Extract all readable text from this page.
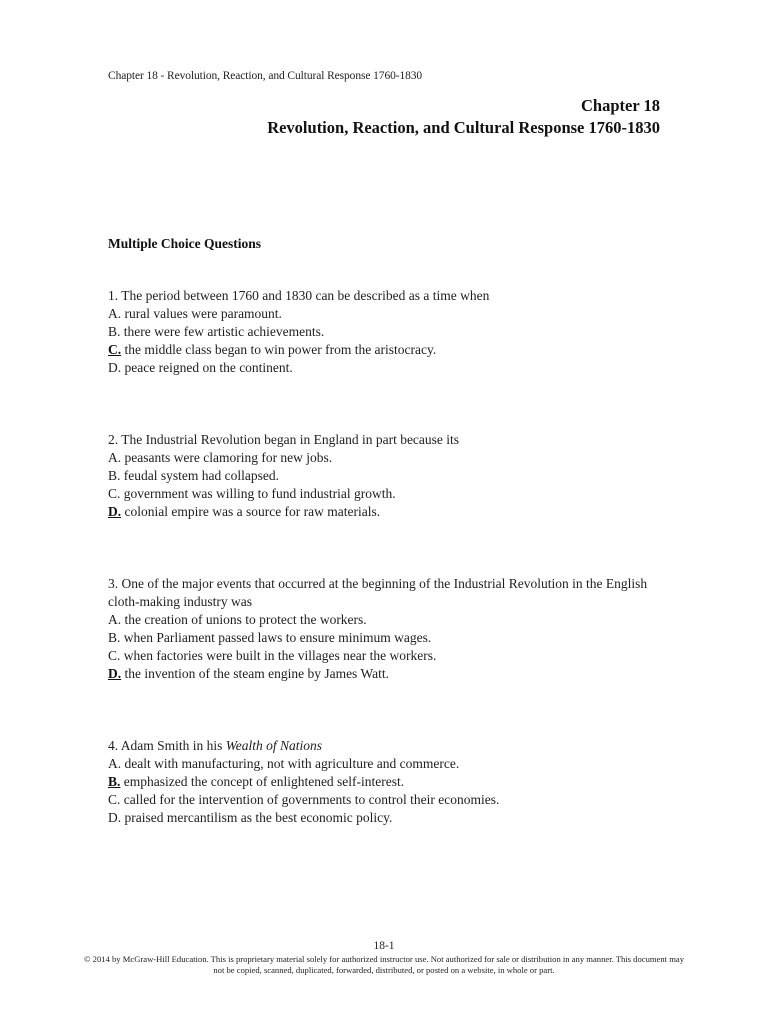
Chapter 18 - Revolution, Reaction, and Cultural Response 1760-1830
Chapter 18
Revolution, Reaction, and Cultural Response 1760-1830
Multiple Choice Questions
1. The period between 1760 and 1830 can be described as a time when
A. rural values were paramount.
B. there were few artistic achievements.
C. the middle class began to win power from the aristocracy.
D. peace reigned on the continent.
2. The Industrial Revolution began in England in part because its
A. peasants were clamoring for new jobs.
B. feudal system had collapsed.
C. government was willing to fund industrial growth.
D. colonial empire was a source for raw materials.
3. One of the major events that occurred at the beginning of the Industrial Revolution in the English cloth-making industry was
A. the creation of unions to protect the workers.
B. when Parliament passed laws to ensure minimum wages.
C. when factories were built in the villages near the workers.
D. the invention of the steam engine by James Watt.
4. Adam Smith in his Wealth of Nations
A. dealt with manufacturing, not with agriculture and commerce.
B. emphasized the concept of enlightened self-interest.
C. called for the intervention of governments to control their economies.
D. praised mercantilism as the best economic policy.
18-1
© 2014 by McGraw-Hill Education. This is proprietary material solely for authorized instructor use. Not authorized for sale or distribution in any manner. This document may not be copied, scanned, duplicated, forwarded, distributed, or posted on a website, in whole or part.
